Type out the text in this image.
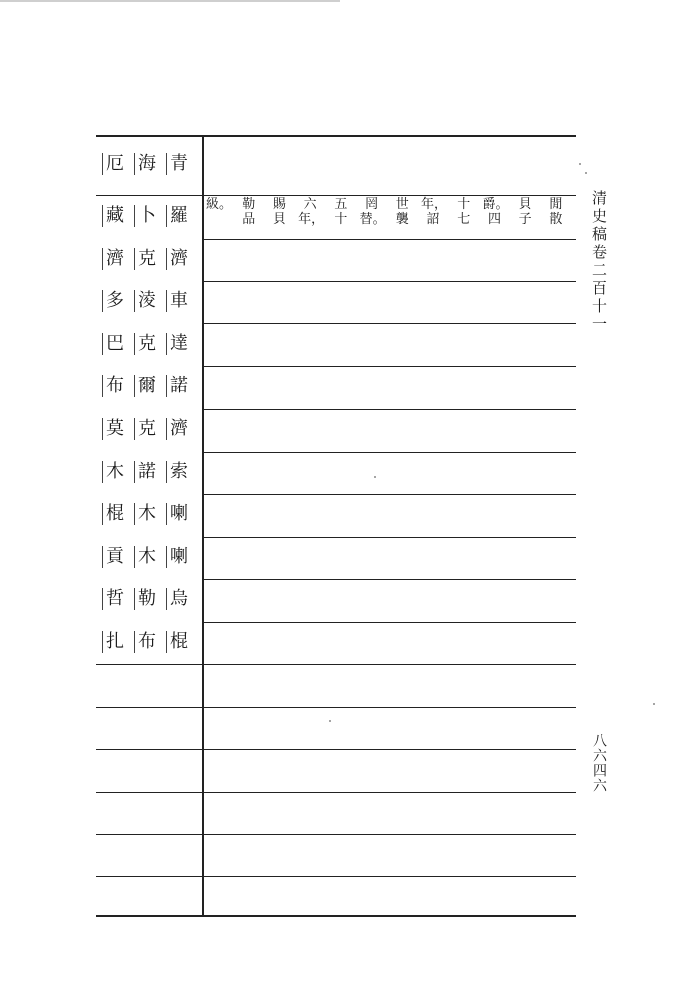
厄 海 青
藏 卜 羅
濟 克 濟
多 淩 車
巴 克 達
布 爾 諾
莫 克 濟
木 諾 索
棍 木 喇
貢 木 喇
哲 勒 烏
扎 布 棍
閒
散
貝
子
爵。
四
十
七
年，
詔
世
襲
罔
替。
五
十
六
年，
賜
貝
勒
品
級。	清史稿卷二百十一
八六四六
